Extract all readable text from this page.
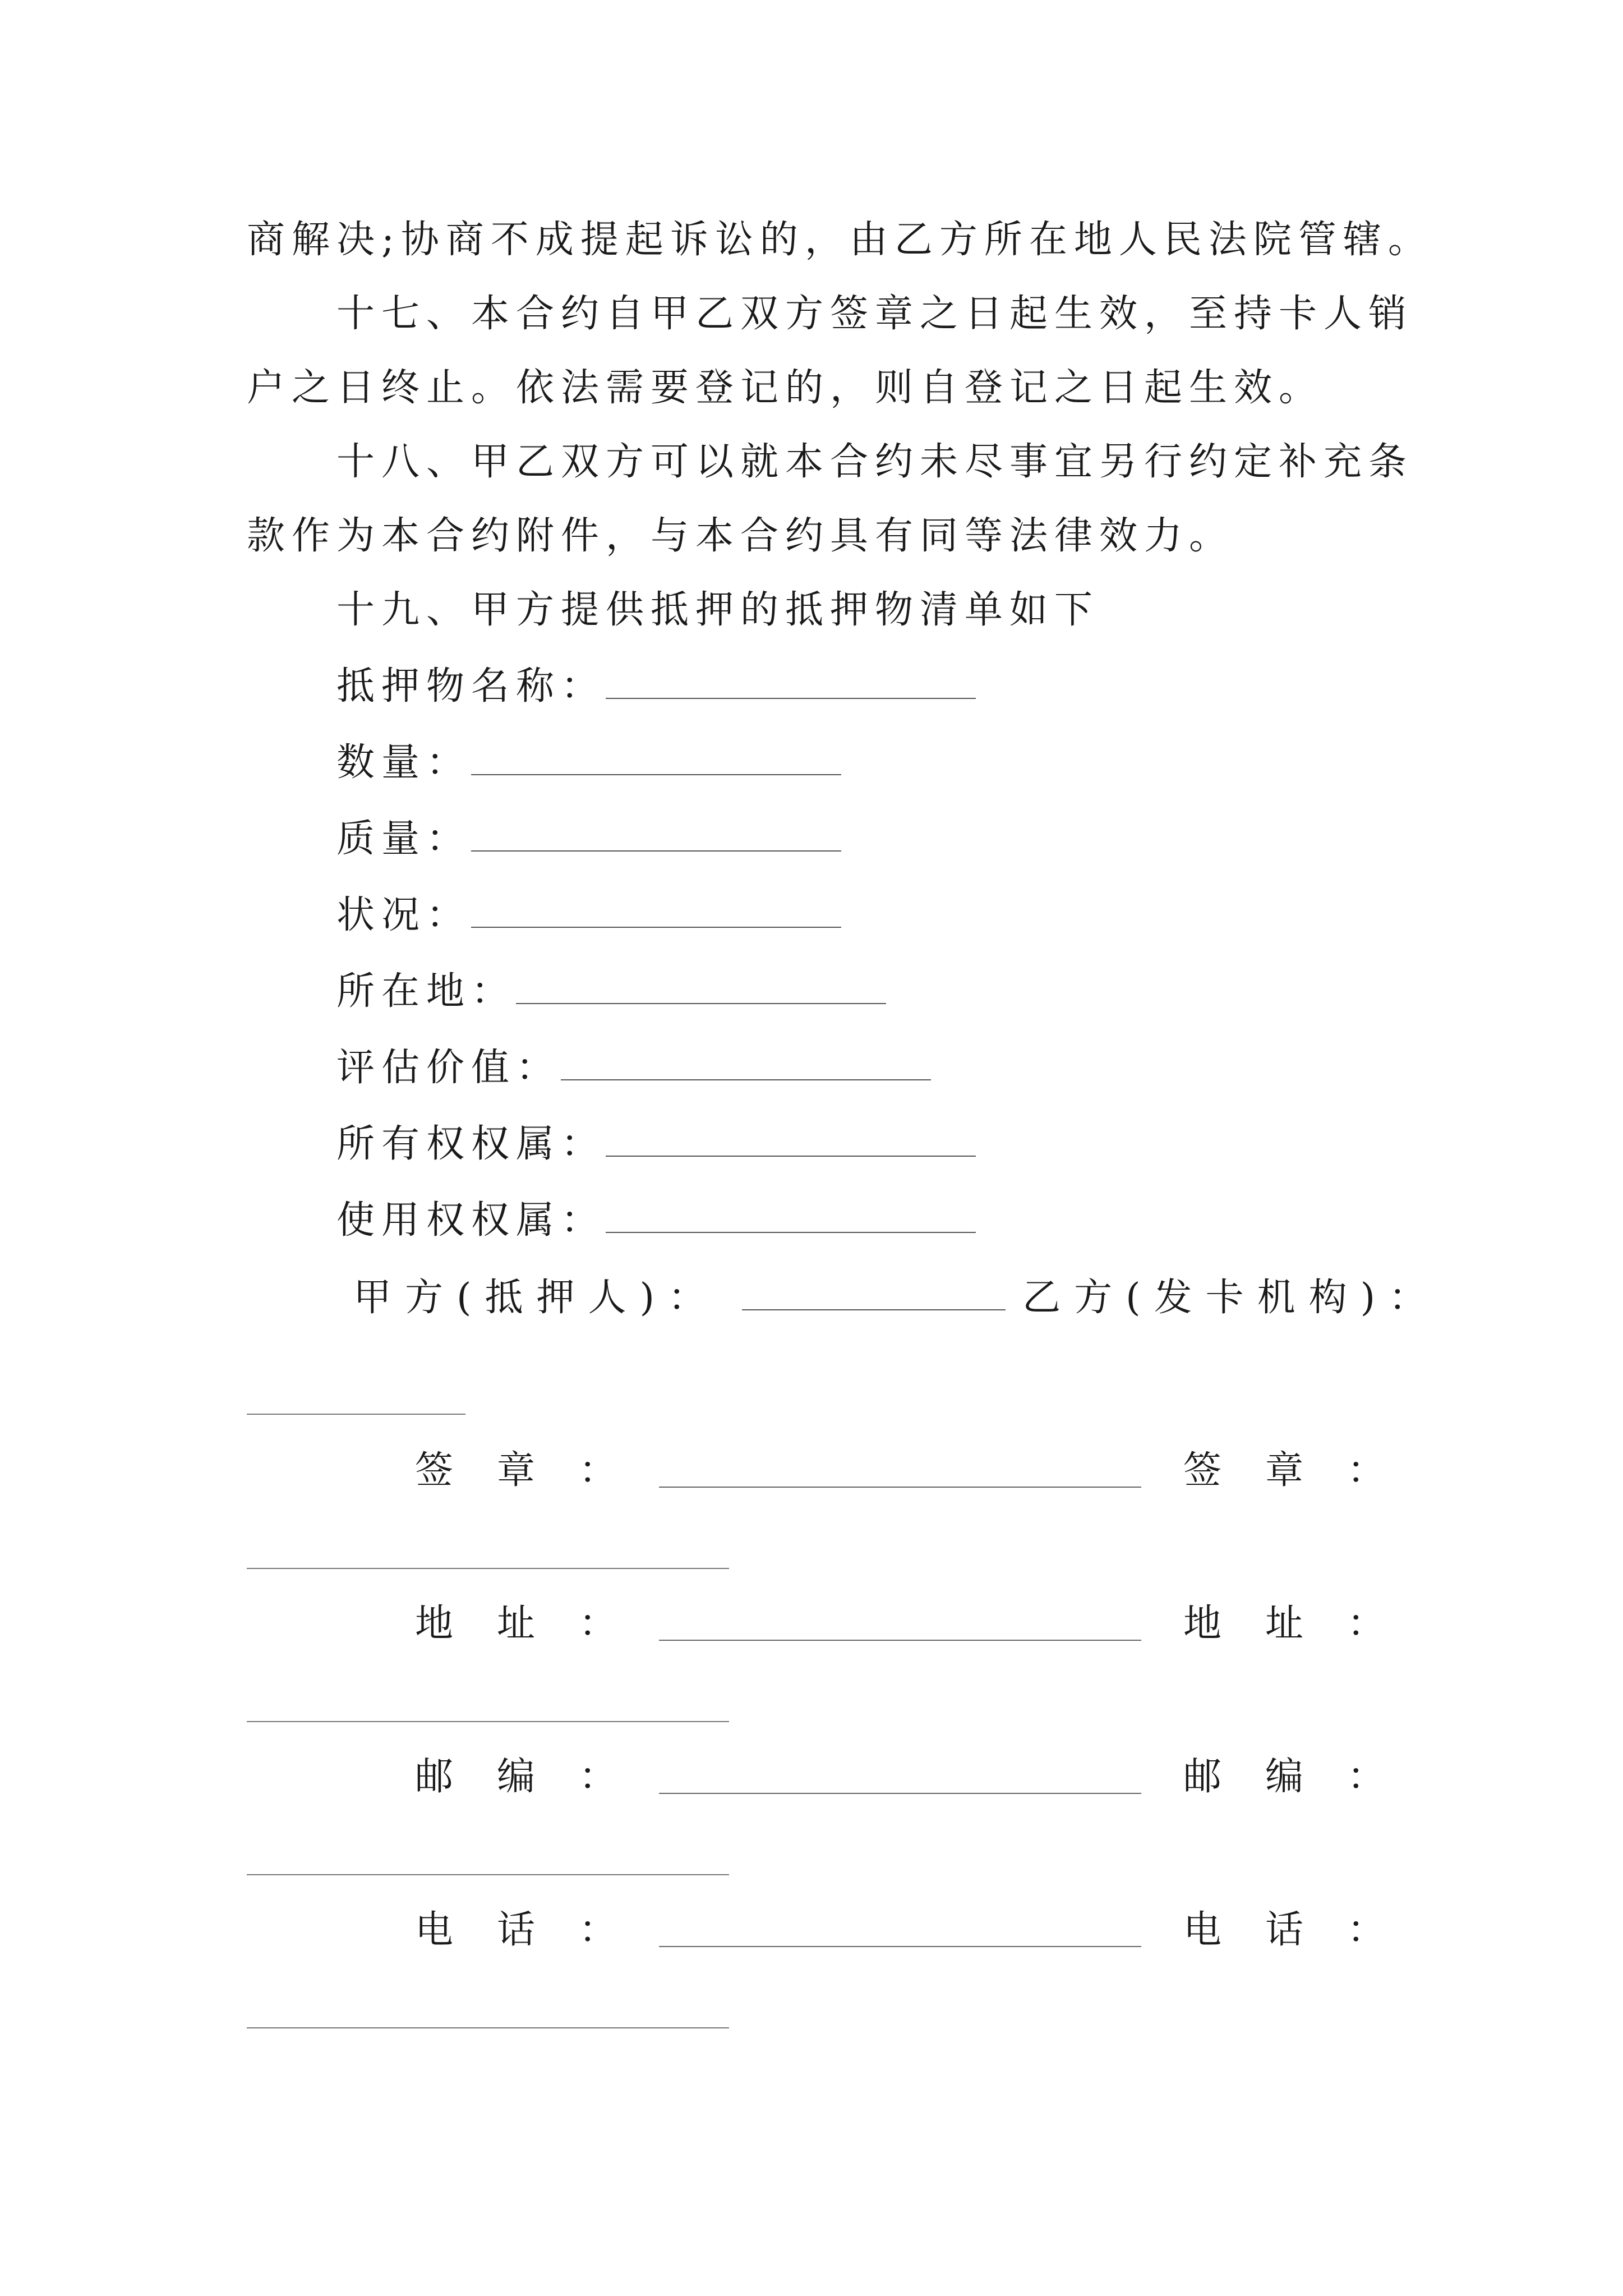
商解决;协商不成提起诉讼的，由乙方所在地人民法院管辖。
十七、本合约自甲乙双方签章之日起生效，至持卡人销
户之日终止。依法需要登记的，则自登记之日起生效。
十八、甲乙双方可以就本合约未尽事宜另行约定补充条
款作为本合约附件，与本合约具有同等法律效力。
十九、甲方提供抵押的抵押物清单如下
抵押物名称：
数量：
质量：
状况：
所在地：
评估价值：
所有权权属：
使用权权属：
甲方(抵押人)：	乙方(发卡机构)：
签章：	签章：
地址：	地址：
邮编：	邮编：
电话：	电话：
